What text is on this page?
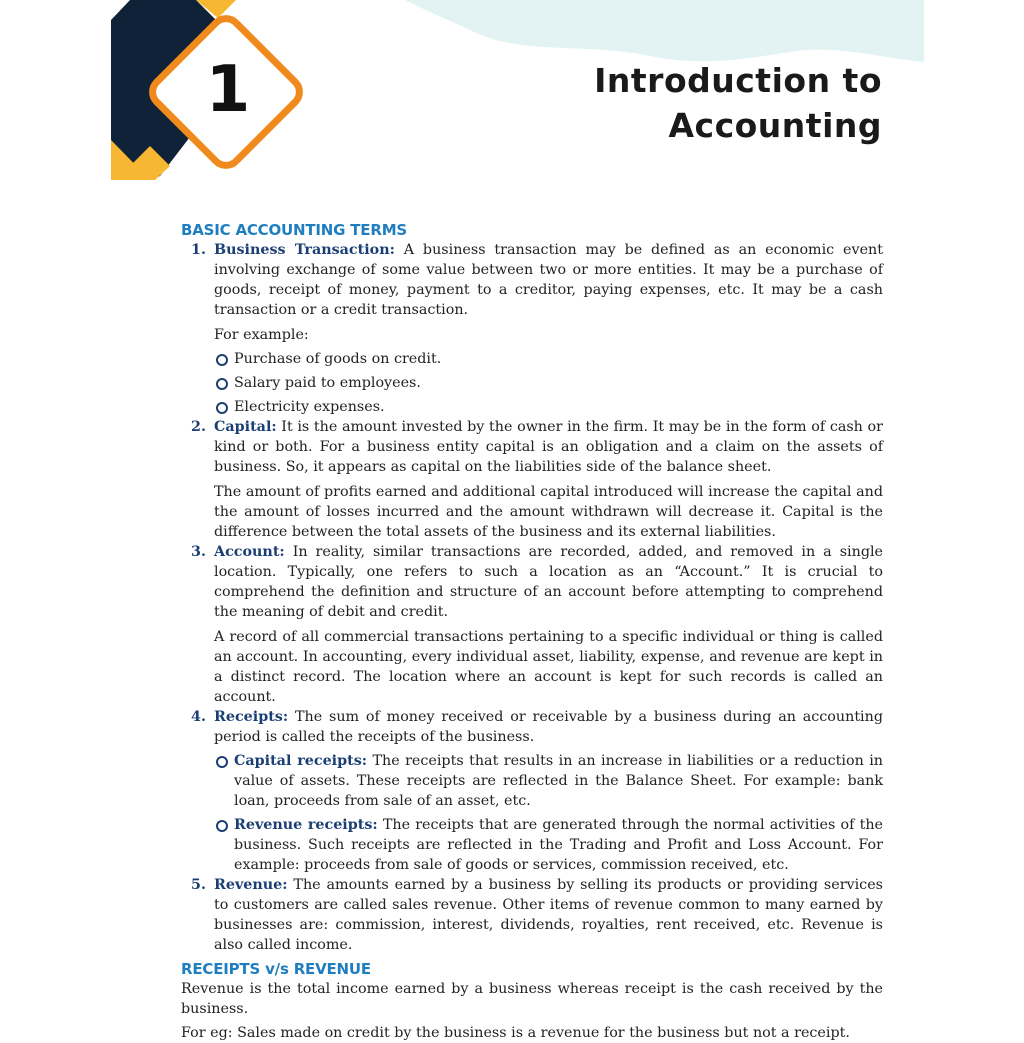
1	Introduction to
Accounting
BASIC ACCOUNTING TERMS
1. Business Transaction: A business transaction may be defined as an economic event involving exchange of some value between two or more entities. It may be a purchase of goods, receipt of money, payment to a creditor, paying expenses, etc. It may be a cash transaction or a credit transaction.

For example:

Purchase of goods on credit.
Salary paid to employees.
Electricity expenses.
2. Capital: It is the amount invested by the owner in the firm. It may be in the form of cash or kind or both. For a business entity capital is an obligation and a claim on the assets of business. So, it appears as capital on the liabilities side of the balance sheet.

The amount of profits earned and additional capital introduced will increase the capital and the amount of losses incurred and the amount withdrawn will decrease it. Capital is the difference between the total assets of the business and its external liabilities.

3. Account: In reality, similar transactions are recorded, added, and removed in a single location. Typically, one refers to such a location as an “Account.” It is crucial to comprehend the definition and structure of an account before attempting to comprehend the meaning of debit and credit.

A record of all commercial transactions pertaining to a specific individual or thing is called an account. In accounting, every individual asset, liability, expense, and revenue are kept in a distinct record. The location where an account is kept for such records is called an account.

4. Receipts: The sum of money received or receivable by a business during an accounting period is called the receipts of the business.

Capital receipts: The receipts that results in an increase in liabilities or a reduction in value of assets. These receipts are reflected in the Balance Sheet. For example: bank loan, proceeds from sale of an asset, etc.

Revenue receipts: The receipts that are generated through the normal activities of the business. Such receipts are reflected in the Trading and Profit and Loss Account. For example: proceeds from sale of goods or services, commission received, etc.

5. Revenue: The amounts earned by a business by selling its products or providing services to customers are called sales revenue. Other items of revenue common to many earned by businesses are: commission, interest, dividends, royalties, rent received, etc. Revenue is also called income.

RECEIPTS v/s REVENUE

Revenue is the total income earned by a business whereas receipt is the cash received by the business.

For eg: Sales made on credit by the business is a revenue for the business but not a receipt.
